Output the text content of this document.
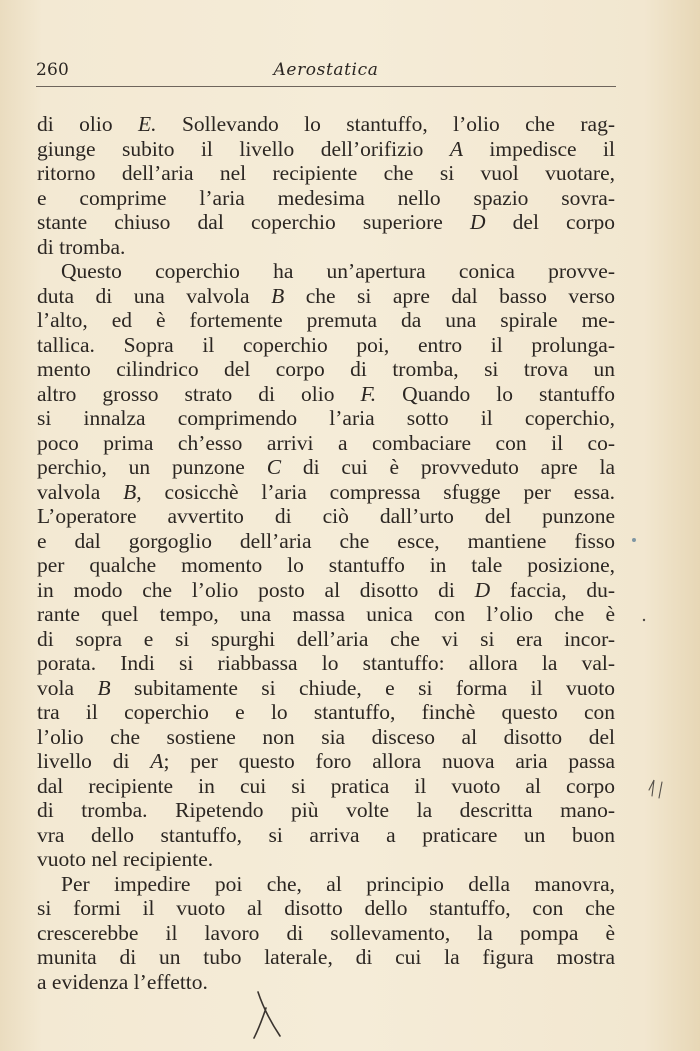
260	Aerostatica
di olio E. Sollevando lo stantuffo, l’olio che rag-
giunge subito il livello dell’orifizio A impedisce il
ritorno dell’aria nel recipiente che si vuol vuotare,
e comprime l’aria medesima nello spazio sovra-
stante chiuso dal coperchio superiore D del corpo
di tromba.
Questo coperchio ha un’apertura conica provve-
duta di una valvola B che si apre dal basso verso
l’alto, ed è fortemente premuta da una spirale me-
tallica. Sopra il coperchio poi, entro il prolunga-
mento cilindrico del corpo di tromba, si trova un
altro grosso strato di olio F. Quando lo stantuffo
si innalza comprimendo l’aria sotto il coperchio,
poco prima ch’esso arrivi a combaciare con il co-
perchio, un punzone C di cui è provveduto apre la
valvola B, cosicchè l’aria compressa sfugge per essa.
L’operatore avvertito di ciò dall’urto del punzone
e dal gorgoglio dell’aria che esce, mantiene fisso
per qualche momento lo stantuffo in tale posizione,
in modo che l’olio posto al disotto di D faccia, du-
rante quel tempo, una massa unica con l’olio che è
di sopra e si spurghi dell’aria che vi si era incor-
porata. Indi si riabbassa lo stantuffo: allora la val-
vola B subitamente si chiude, e si forma il vuoto
tra il coperchio e lo stantuffo, finchè questo con
l’olio che sostiene non sia disceso al disotto del
livello di A; per questo foro allora nuova aria passa
dal recipiente in cui si pratica il vuoto al corpo
di tromba. Ripetendo più volte la descritta mano-
vra dello stantuffo, si arriva a praticare un buon
vuoto nel recipiente.
Per impedire poi che, al principio della manovra,
si formi il vuoto al disotto dello stantuffo, con che
crescerebbe il lavoro di sollevamento, la pompa è
munita di un tubo laterale, di cui la figura mostra
a evidenza l’effetto.
